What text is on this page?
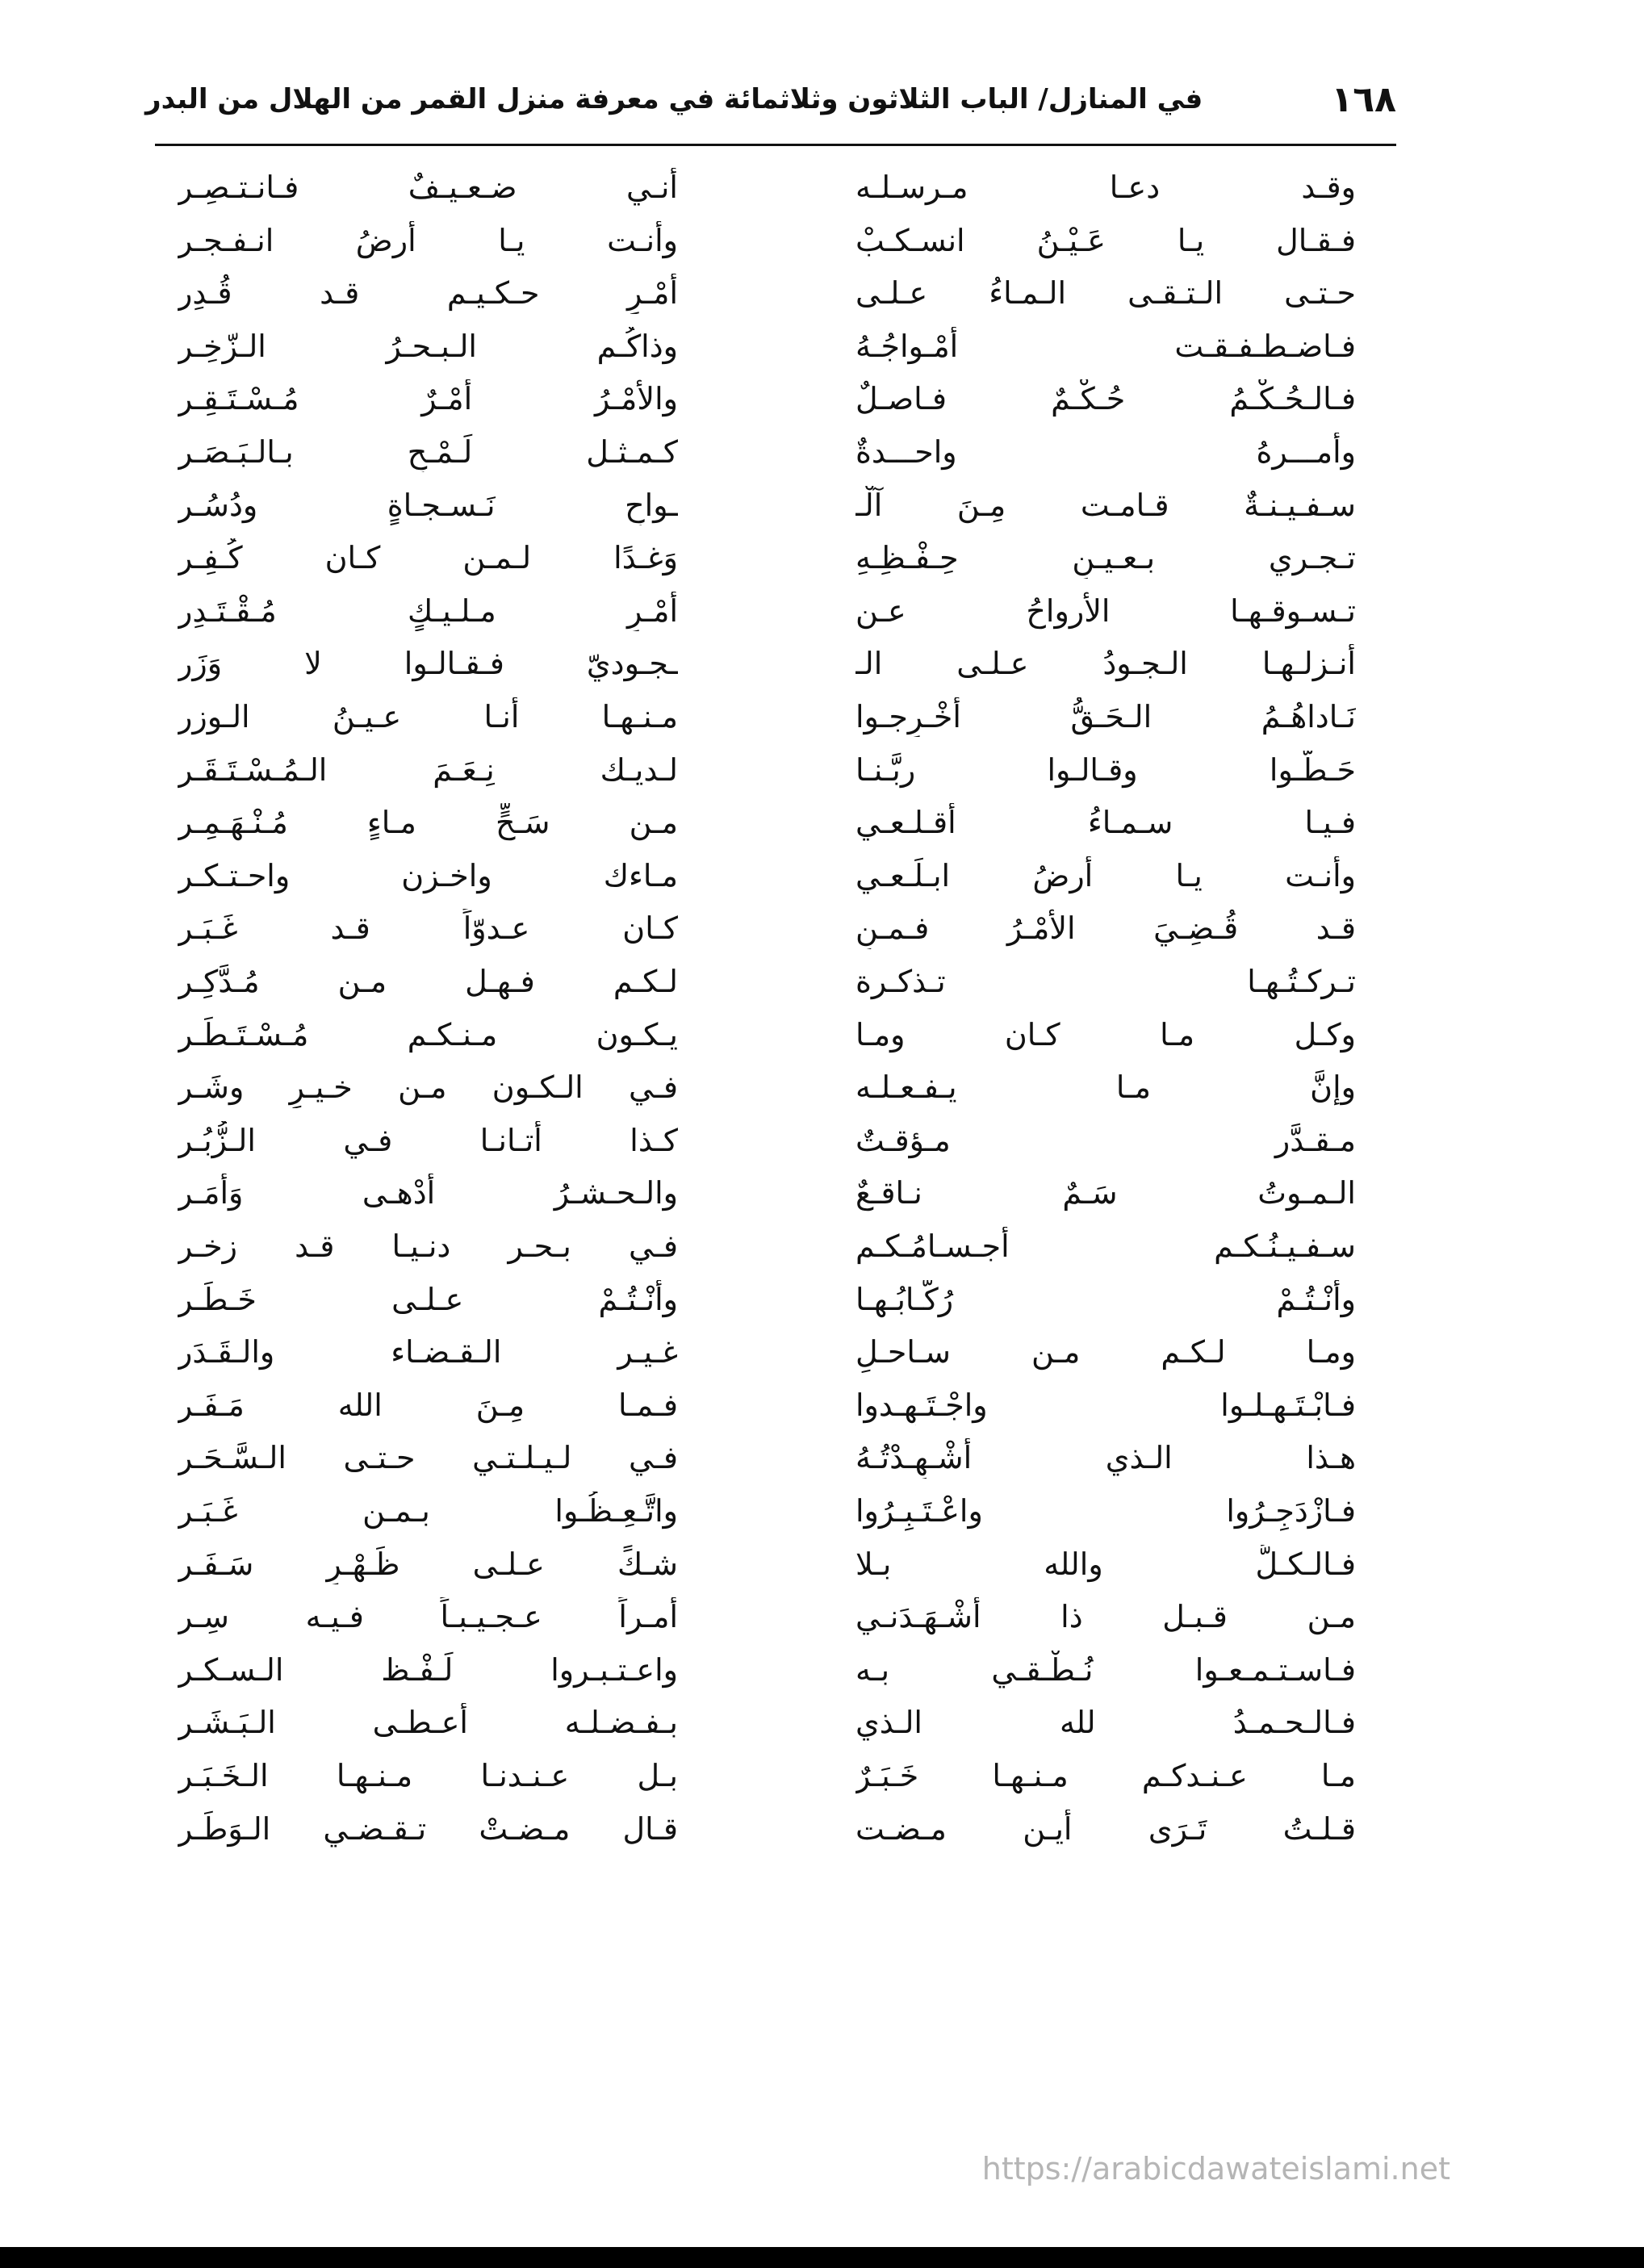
١٦٨
في المنازل/ الباب الثلاثون وثلاثمائة في معرفة منزل القمر من الهلال من البدر
وقـد دعـا مـرسـلـه
أنـي ضـعـيـفٌ فـانـتـصِـر
فـقـال يـا عَـيْـنُ انسـكـبْ
وأنـت يـا أرضُ انـفـجـر
حـتـى الـتـقـى الـمـاءُ عـلـى
أمْـرِ حـكـيـم قـد قُـدِر
فـاضـطـفـقـت أمْـواجُـهُ
وذاكُـم الـبـحـرُ الـزّخِـر
فـالـحُـكْـمُ حُـكْـمٌ فـاصـلٌ
والأمْـرُ أمْـرٌ مُـسْـتَـقِـر
وأمـــرهُ واحـــدةٌ
كـمـثـل لَـمْـحٍ بـالـبَـصَـر
سـفـيـنـةٌ قـامـت مِـنَ آلْـ
ـواحٍ نَـسـجـاةٍ ودُسُـر
تـجـري بـعـيـنِ حِـفْـظِـهِ
وَغـدًا لـمـن كـان كُـفِـر
تـسـوقـهـا الأرواحُ عـن
أمْـرِ مـلـيـكٍ مُـقْـتَـدِر
أنـزلـهـا الـجـودُ عـلـى الـ
ـجـوديّ فـقـالـوا لا وَزَر
نَـاداهُـمُ الـحَـقُّ أخْـرِجـوا
مـنـهـا أنـا عـيـنُ الـوزر
حَـطُّـوا وقـالـوا ربَّـنـا
لـديـك نِـعَـمَ الـمُـسْـتَـقَـر
فـيـا سـمـاءُ أقـلـعـي
مـن سَـحٍّ مـاءٍ مُـنْـهَـمِـر
وأنـت يـا أرضُ ابـلَـعـي
مـاءك واخـزن واحـتـكـر
قـد قُـضِـيَ الأمْـرُ فـمـنِ
كـان عـدوّاً قـد غَـبَـر
تـركـتُـهـا تـذكـرة
لـكـم فـهـل مـن مُـدَّكِـر
وكـل مـا كـان ومـا
يـكـون مـنـكـم مُـسْـتَـطَـر
وإنَّ مـا يـفـعـلـه
فـي الـكـون مـن خـيـرٍ وشَـر
مـقـدَّر مـؤقـتٌ
كـذا أتـانـا فـي الـزُّبُـر
الـمـوتُ سَـمٌ نـاقـعٌ
والـحـشـرُ أدْهـى وَأمَـر
سـفـيـنُـكـم أجـسـامُـكـم
فـي بـحـر دنـيـا قـد زخـر
وأنْـتُـمْ رُكّـابُـهـا
وأنْـتُـمْ عـلـى خَـطَـر
ومـا لـكـم مـن سـاحـلٍ
غـيـر الـقـضـاء والـقَـدَر
فـابْـتَـهِـلـوا واجْـتَـهِـدوا
فـمـا مِـنَ الله مَـفَـر
هـذا الـذي أشْـهِـدْتُـهُ
فـي لـيـلـتـي حـتـى الـسَّـحَـر
فـازْدَجِـرُوا واعْـتَـبِـرُوا
واتَّـعِـظُـوا بـمـن غَـبَـر
فـالـكـلُّ والله بـلا
شـكٍّ عـلـى ظَـهْـرِ سَـفَـر
مـن قـبـل ذا أشْـهَـدَنـي
أمـراً عـجـيـبـاً فـيـه سِـر
فـاسـتـمـعـوا نُـطْـقـي بـه
واعـتـبـروا لَـفْـظ الـسـكـر
فـالـحـمـدُ لله الـذي
بـفـضـلـه أعـطـى الـبَـشَـر
مـا عـنـدكـم مـنـهـا خَـبَـرٌ
بـل عـنـدنـا مـنـهـا الـخَـبَـر
قـلـتُ تَـرَى أيـن مـضـت
قـال مـضـتْ تـقـضـي الـوَطَـر
https://arabicdawateislami.net
